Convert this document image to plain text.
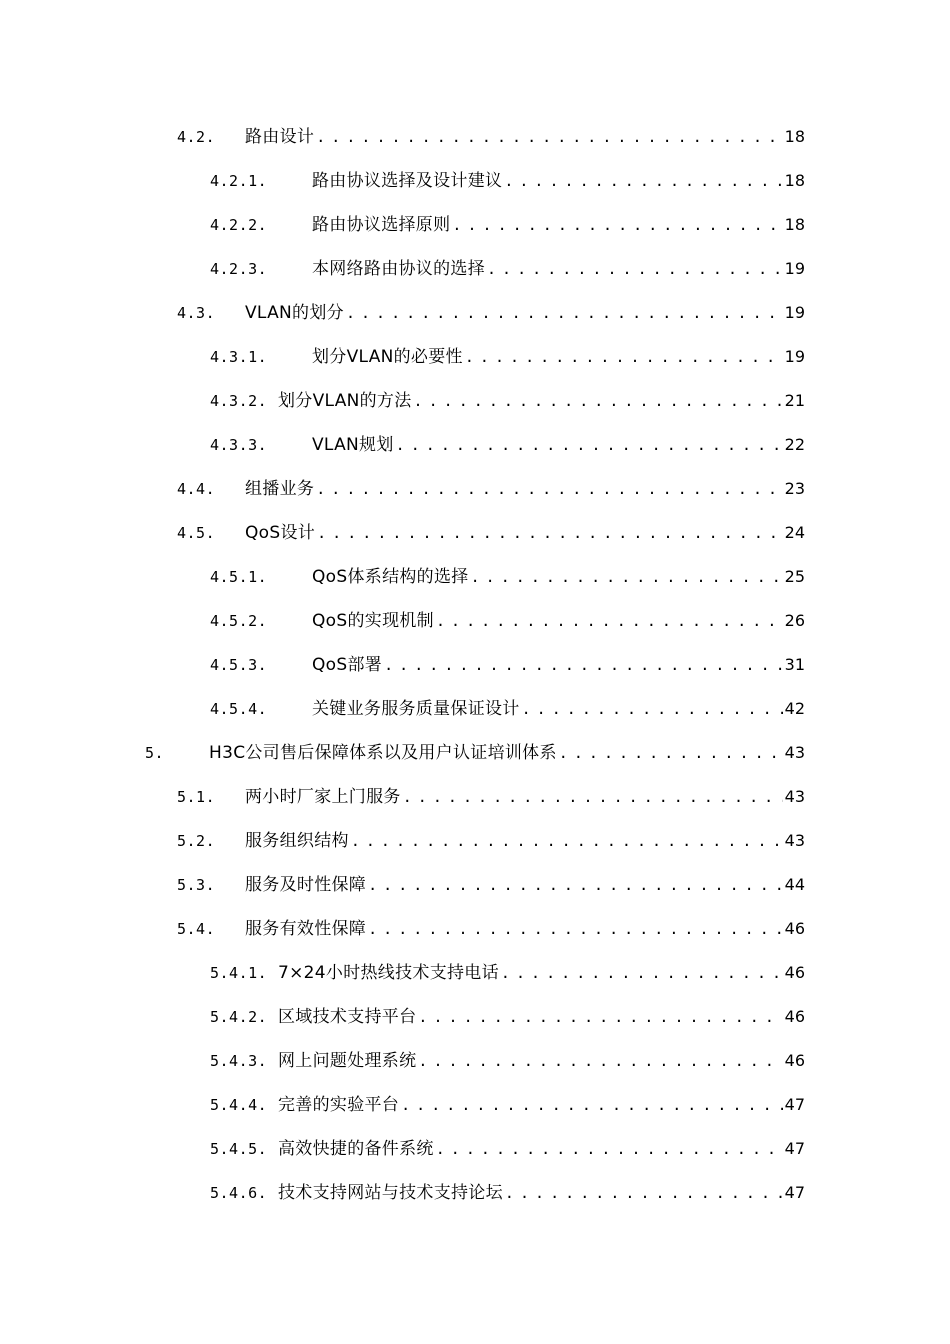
4.2.	路由设计 . . .	18
4.2.1.	路由协议选择及设计建议 . . .	18
4.2.2.	路由协议选择原则 . . .	18
4.2.3.	本网络路由协议的选择 . . .	19
4.3.	VLAN的划分 . . .	19
4.3.1.	划分VLAN的必要性 . . .	19
4.3.2. 划分VLAN的方法 . . .	21
4.3.3.	VLAN规划 . . .	22
4.4.	组播业务 . . .	23
4.5.	QoS设计 . . .	24
4.5.1.	QoS体系结构的选择 . . .	25
4.5.2.	QoS的实现机制 . . .	26
4.5.3.	QoS部署 . . .	31
4.5.4.	关键业务服务质量保证设计 . . .	42
5.	H3C公司售后保障体系以及用户认证培训体系 . . .	43
5.1.	两小时厂家上门服务 . . .	43
5.2.	服务组织结构 . . .	43
5.3.	服务及时性保障 . . .	44
5.4.	服务有效性保障 . . .	46
5.4.1. 7×24小时热线技术支持电话 . . .	46
5.4.2. 区域技术支持平台 . . .	46
5.4.3. 网上问题处理系统 . . .	46
5.4.4. 完善的实验平台 . . .	47
5.4.5. 高效快捷的备件系统 . . .	47
5.4.6. 技术支持网站与技术支持论坛 . . .	47
